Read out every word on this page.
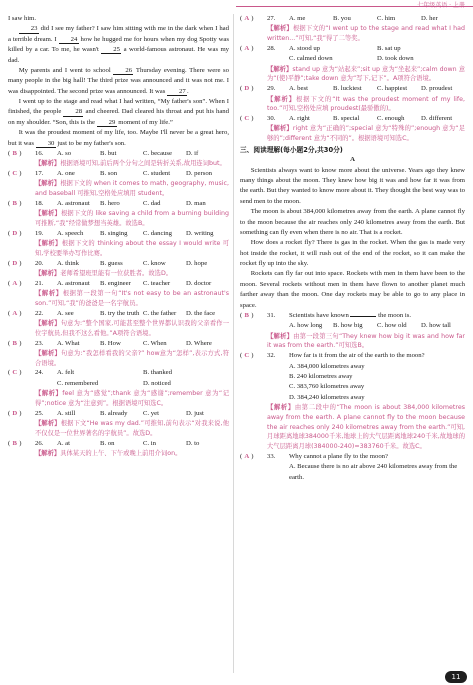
七年级英语 · 上册

I saw him.

23 did I see my father? I saw him sitting with me in the dark when I had a terrible dream. I 24 how he hugged me for hours when my dog Spotty was killed by a car. To me, he wasn't 25 a world-famous astronaut. He was my dad.

My parents and I went to school 26 Thursday evening. There were so many people in the big hall! The third prize was announced and it was not me. I was disappointed. The second prize was announced. It was 27.

I went up to the stage and read what I had written, “My father's son”. When I finished, the people 28 and cheered. Dad cleared his throat and put his hand on my shoulder. “Son, this is the 29 moment of my life.”

It was the proudest moment of my life, too. Maybe I'll never be a great hero, but it was 30 just to be my father's son.

( B )	16.	A. so	B. but	C. because	D. if
【解析】根据语境可知,前后两个分句之间是转折关系,故用连词but。
( C )	17.	A. one	B. son	C. student	D. person
【解析】根据下文的 when it comes to math, geography, music, and baseball 可推知,空格处应填用 student。
( B )	18.	A. astronaut	B. hero	C. dad	D. man
【解析】根据下文的 like saving a child from a burning building 可推断,“我”经常做梦想当英雄。故选B。
( D )	19.	A. speech	B. singing	C. dancing	D. writing
【解析】根据下文的 thinking about the essay I would write 可知,学校要举办写作比赛。
( D )	20.	A. think	B. guess	C. know	D. hope
【解析】老师希望班里能有一位获胜者。故选D。
( A )	21.	A. astronaut	B. engineer	C. teacher	D. doctor
【解析】根据第一段第一句“It's not easy to be an astronaut's son.”可知,“我”的爸爸是一名宇航员。
( A )	22.	A. see	B. try the truth C. the father	D. the face
【解析】句意为:“整个国家,可能甚至整个世界都认识我的父亲看作一位宇航员,但我不这么看他。”A项符合语境。
( B )	23.	A. What	B. How	C. When	D. Where
【解析】句意为:“我怎样看我的父亲?” how意为“怎样”,表示方式,符合语境。
( C )	24.	A. felt	B. thanked
C. remembered	D. noticed
【解析】feel 意为“感觉”;thank 意为“感谢”;remember 意为“记得”;notice 意为“注意到”。根据语境可知选C。
( D )	25.	A. still	B. already	C. yet	D. just
【解析】根据下文“He was my dad.”可推知,前句表示“对我来说,他不仅仅是一位世界著名的宇航员”。故选D。
( B )	26.	A. at	B. on	C. in	D. to
【解析】具体某天的上午、下午或晚上前用介词on。
( A )	27.	A. me	B. you	C. him	D. her
【解析】根据下文的“I went up to the stage and read what I had written...”可知,“我”得了二等奖。
( A )	28.	A. stood up	B. sat up
C. calmed down	D. took down
【解析】stand up 意为“站起来”;sit up 意为“坐起来”;calm down 意为“(使)平静”;take down 意为“写下,记下”。A项符合语境。
( D )	29.	A. best	B. luckiest	C. happiest	D. proudest
【解析】根据下文的“It was the proudest moment of my life, too.”可知,空格处应填 proudest(最骄傲的)。
( C )	30.	A. right	B. special	C. enough	D. different
【解析】right 意为“正确的”;special 意为“特殊的”;enough 意为“足够的”;different 意为“不同的”。根据语境可知选C。
三、阅读理解(每小题2分,共30分)
A

Scientists always want to know more about the universe. Years ago they knew many things about the moon. They knew how big it was and how far it was from the earth. But they wanted to know more about it. They thought the best way was to send men to the moon.

The moon is about 384,000 kilometres away from the earth. A plane cannot fly to the moon because the air reaches only 240 kilometres away from the earth. But something can fly even when there is no air. That is a rocket.

How does a rocket fly? There is gas in the rocket. When the gas is made very hot inside the rocket, it will rush out of the end of the rocket, so it can make the rocket fly up into the sky.

Rockets can fly far out into space. Rockets with men in them have been to the moon. Several rockets without men in them have flown to another planet much farther away than the moon. One day rockets may be able to go to any place in space.

( B )	31.	Scientists have known	the moon is.
A. how long	B. how big	C. how old	D. how tall
【解析】由第一段第三句“They knew how big it was and how far it was from the earth.”可知选B。
( C )	32.	How far is it from the air of the earth to the moon?
A. 384,000 kilometres away
B. 240 kilometres away
C. 383,760 kilometres away
D. 384,240 kilometres away
【解析】由第二段中的“The moon is about 384,000 kilometres away from the earth. A plane cannot fly to the moon because the air reaches only 240 kilometres away from the earth.”可知,月球距离地球384000千米,地球上的大气层距离地球240千米,故地球的大气层距离月球(384000-240)=383760千米。故选C。
( A )	33.	Why cannot a plane fly to the moon?
A. Because there is no air above 240 kilometres away from the earth.
11
